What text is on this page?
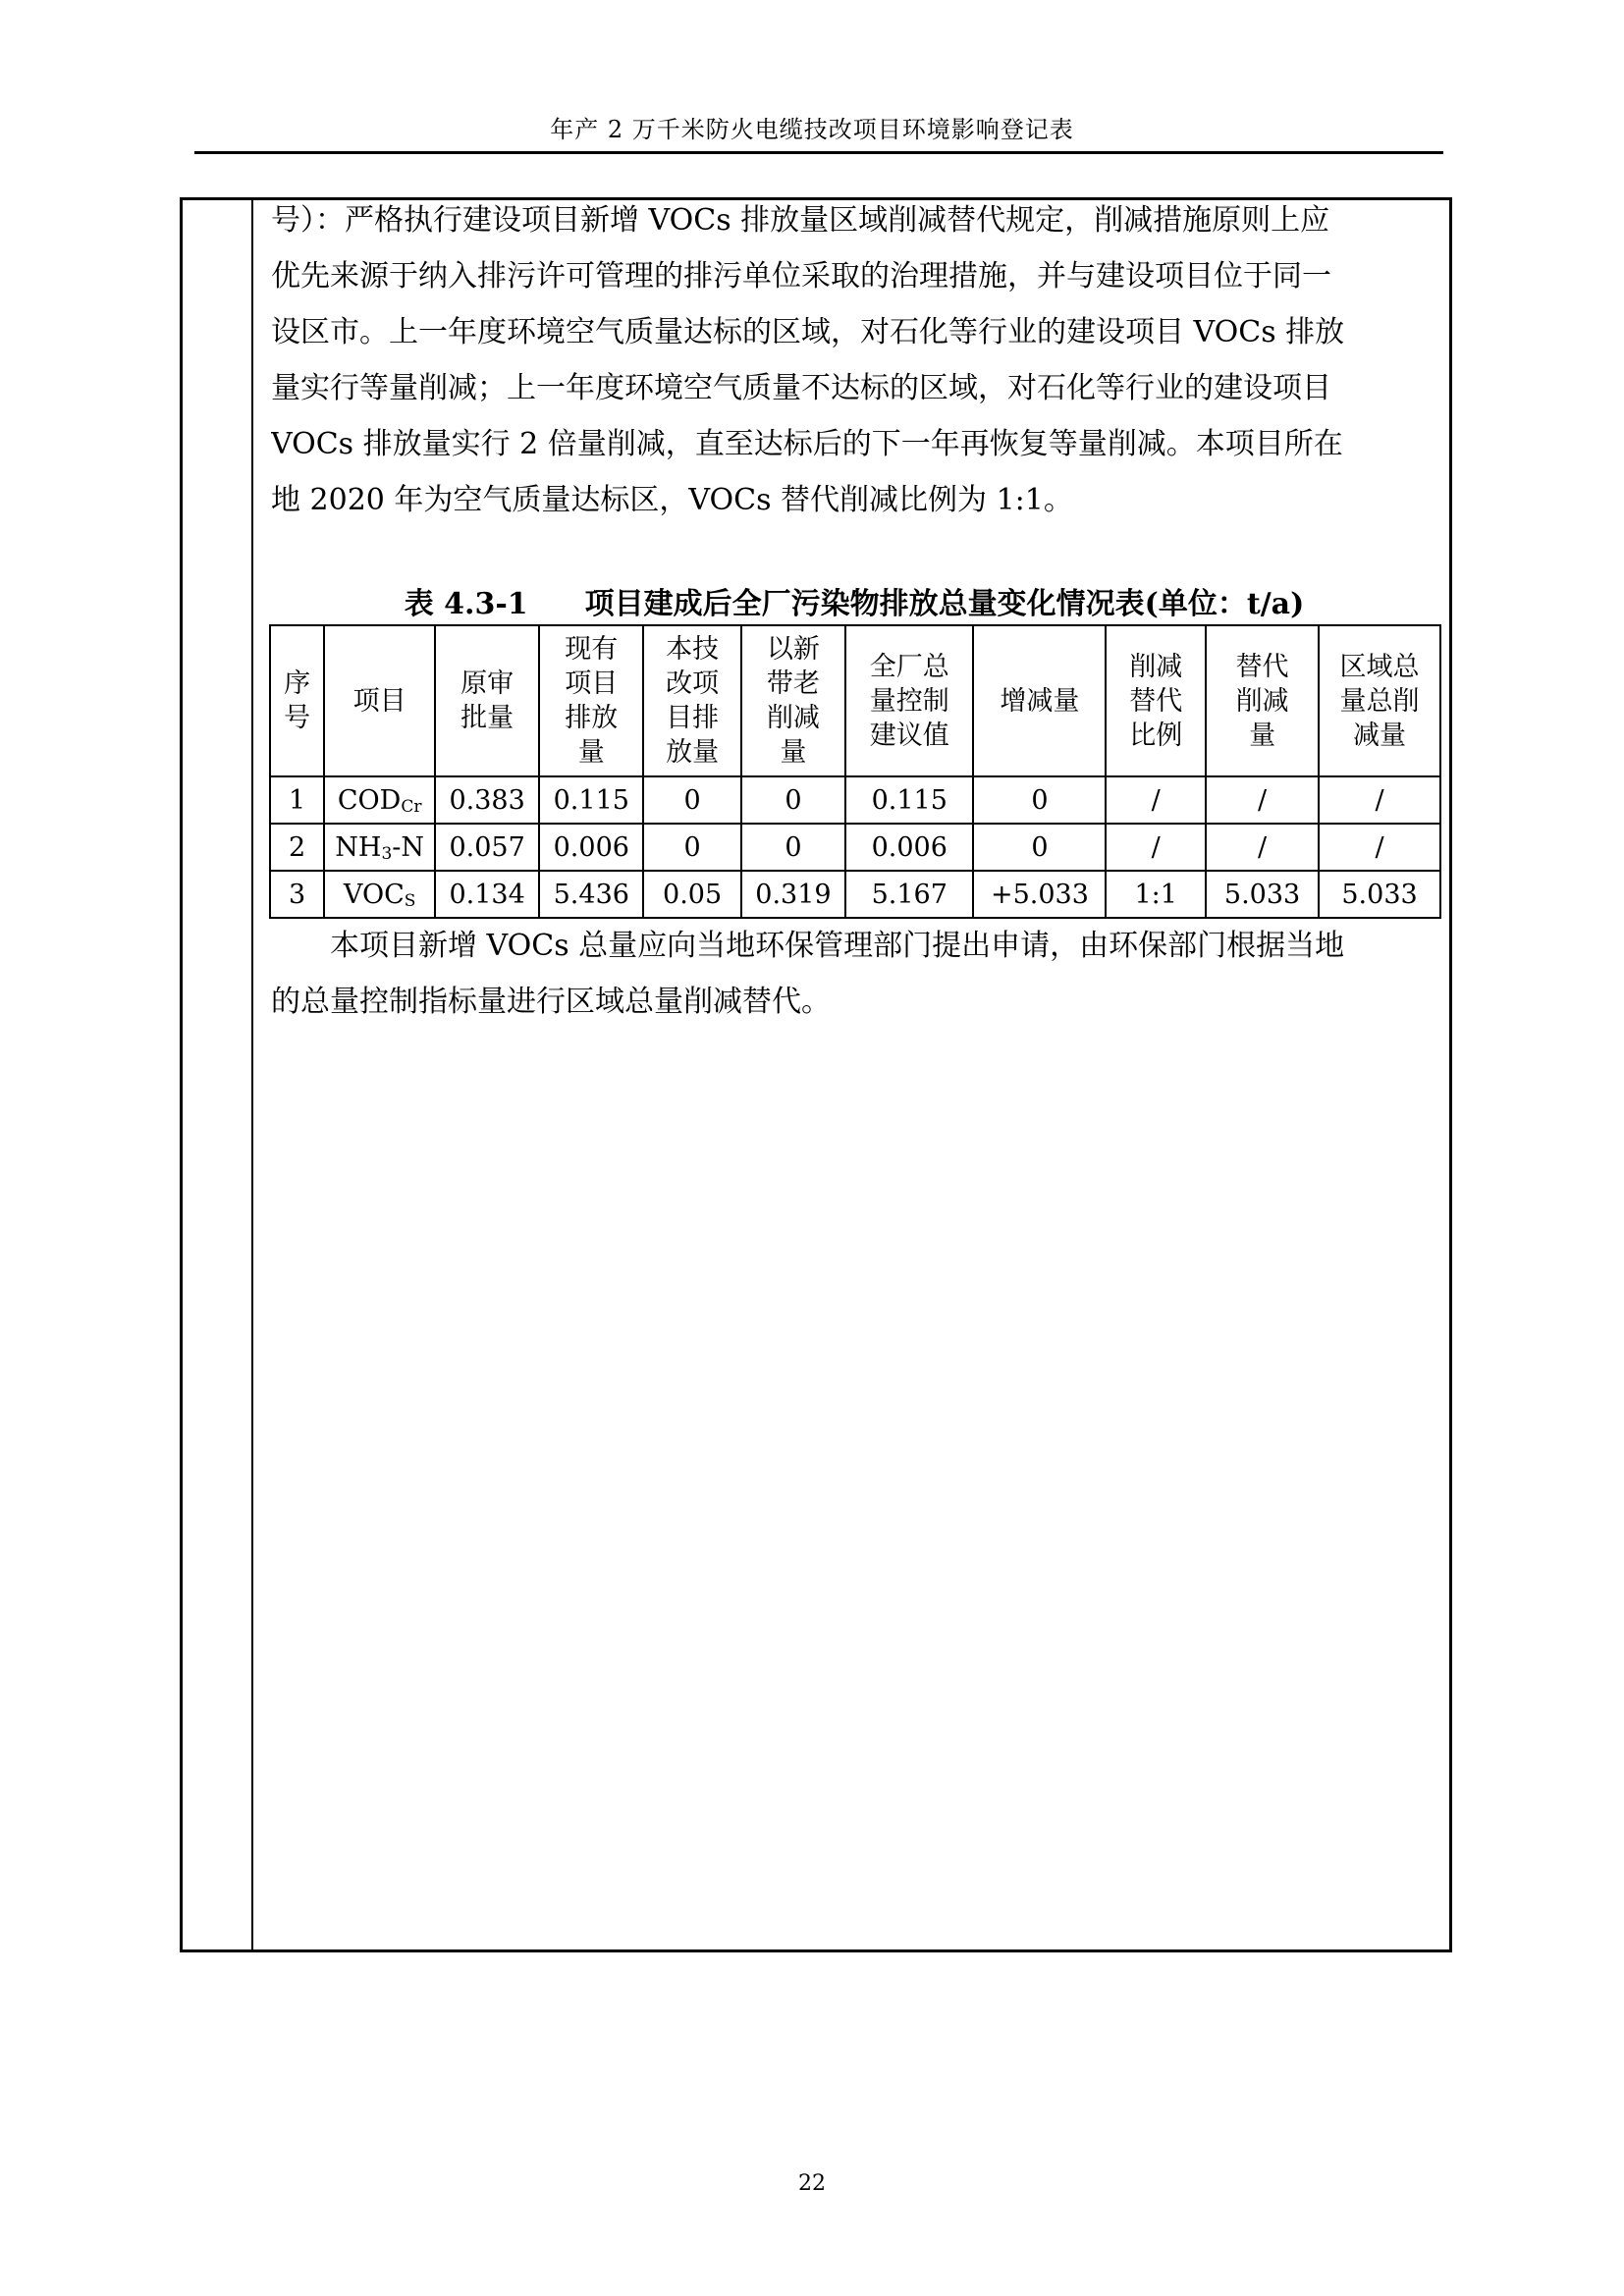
年产 2 万千米防火电缆技改项目环境影响登记表
号）：严格执行建设项目新增 VOCs 排放量区域削减替代规定，削减措施原则上应
优先来源于纳入排污许可管理的排污单位采取的治理措施，并与建设项目位于同一
设区市。上一年度环境空气质量达标的区域，对石化等行业的建设项目 VOCs 排放
量实行等量削减；上一年度环境空气质量不达标的区域，对石化等行业的建设项目
VOCs 排放量实行 2 倍量削减，直至达标后的下一年再恢复等量削减。本项目所在
地 2020 年为空气质量达标区，VOCs 替代削减比例为 1:1。
表 4.3-1 项目建成后全厂污染物排放总量变化情况表(单位：t/a)
序号	项目	原审批量	现有项目排放量	本技改项目排放量	以新带老削减量	全厂总量控制建议值	增减量	削减替代比例	替代削减量	区域总量总削减量
1	$COD_{Cr}$	0.383	0.115	0	0	0.115	0	/	/	/
2	$NH_3-N$	0.057	0.006	0	0	0.006	0	/	/	/
3	$VOC_S$	0.134	5.436	0.05	0.319	5.167	+5.033	1:1	5.033	5.033
本项目新增 VOCs 总量应向当地环保管理部门提出申请，由环保部门根据当地
的总量控制指标量进行区域总量削减替代。
22
